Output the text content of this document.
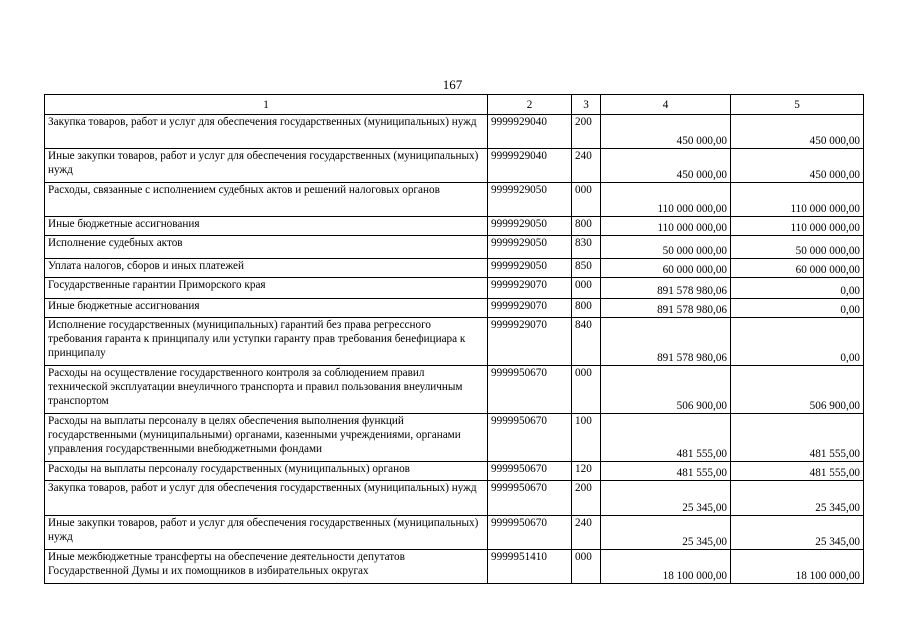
167
1	2	3	4	5
Закупка товаров, работ и услуг для обеспечения государственных (муниципальных) нужд	9999929040	200	450 000,00	450 000,00
Иные закупки товаров, работ и услуг для обеспечения государственных (муниципальных) нужд	9999929040	240	450 000,00	450 000,00
Расходы, связанные с исполнением судебных актов и решений налоговых органов	9999929050	000	110 000 000,00	110 000 000,00
Иные бюджетные ассигнования	9999929050	800	110 000 000,00	110 000 000,00
Исполнение судебных актов	9999929050	830	50 000 000,00	50 000 000,00
Уплата налогов, сборов и иных платежей	9999929050	850	60 000 000,00	60 000 000,00
Государственные гарантии Приморского края	9999929070	000	891 578 980,06	0,00
Иные бюджетные ассигнования	9999929070	800	891 578 980,06	0,00
Исполнение государственных (муниципальных) гарантий без права регрессного требования гаранта к принципалу или уступки гаранту прав требования бенефициара к принципалу	9999929070	840	891 578 980,06	0,00
Расходы на осуществление государственного контроля за соблюдением правил технической эксплуатации внеуличного транспорта и правил пользования внеуличным транспортом	9999950670	000	506 900,00	506 900,00
Расходы на выплаты персоналу в целях обеспечения выполнения функций государственными (муниципальными) органами, казенными учреждениями, органами управления государственными внебюджетными фондами	9999950670	100	481 555,00	481 555,00
Расходы на выплаты персоналу государственных (муниципальных) органов	9999950670	120	481 555,00	481 555,00
Закупка товаров, работ и услуг для обеспечения государственных (муниципальных) нужд	9999950670	200	25 345,00	25 345,00
Иные закупки товаров, работ и услуг для обеспечения государственных (муниципальных) нужд	9999950670	240	25 345,00	25 345,00
Иные межбюджетные трансферты на обеспечение деятельности депутатов Государственной Думы и их помощников в избирательных округах	9999951410	000	18 100 000,00	18 100 000,00
